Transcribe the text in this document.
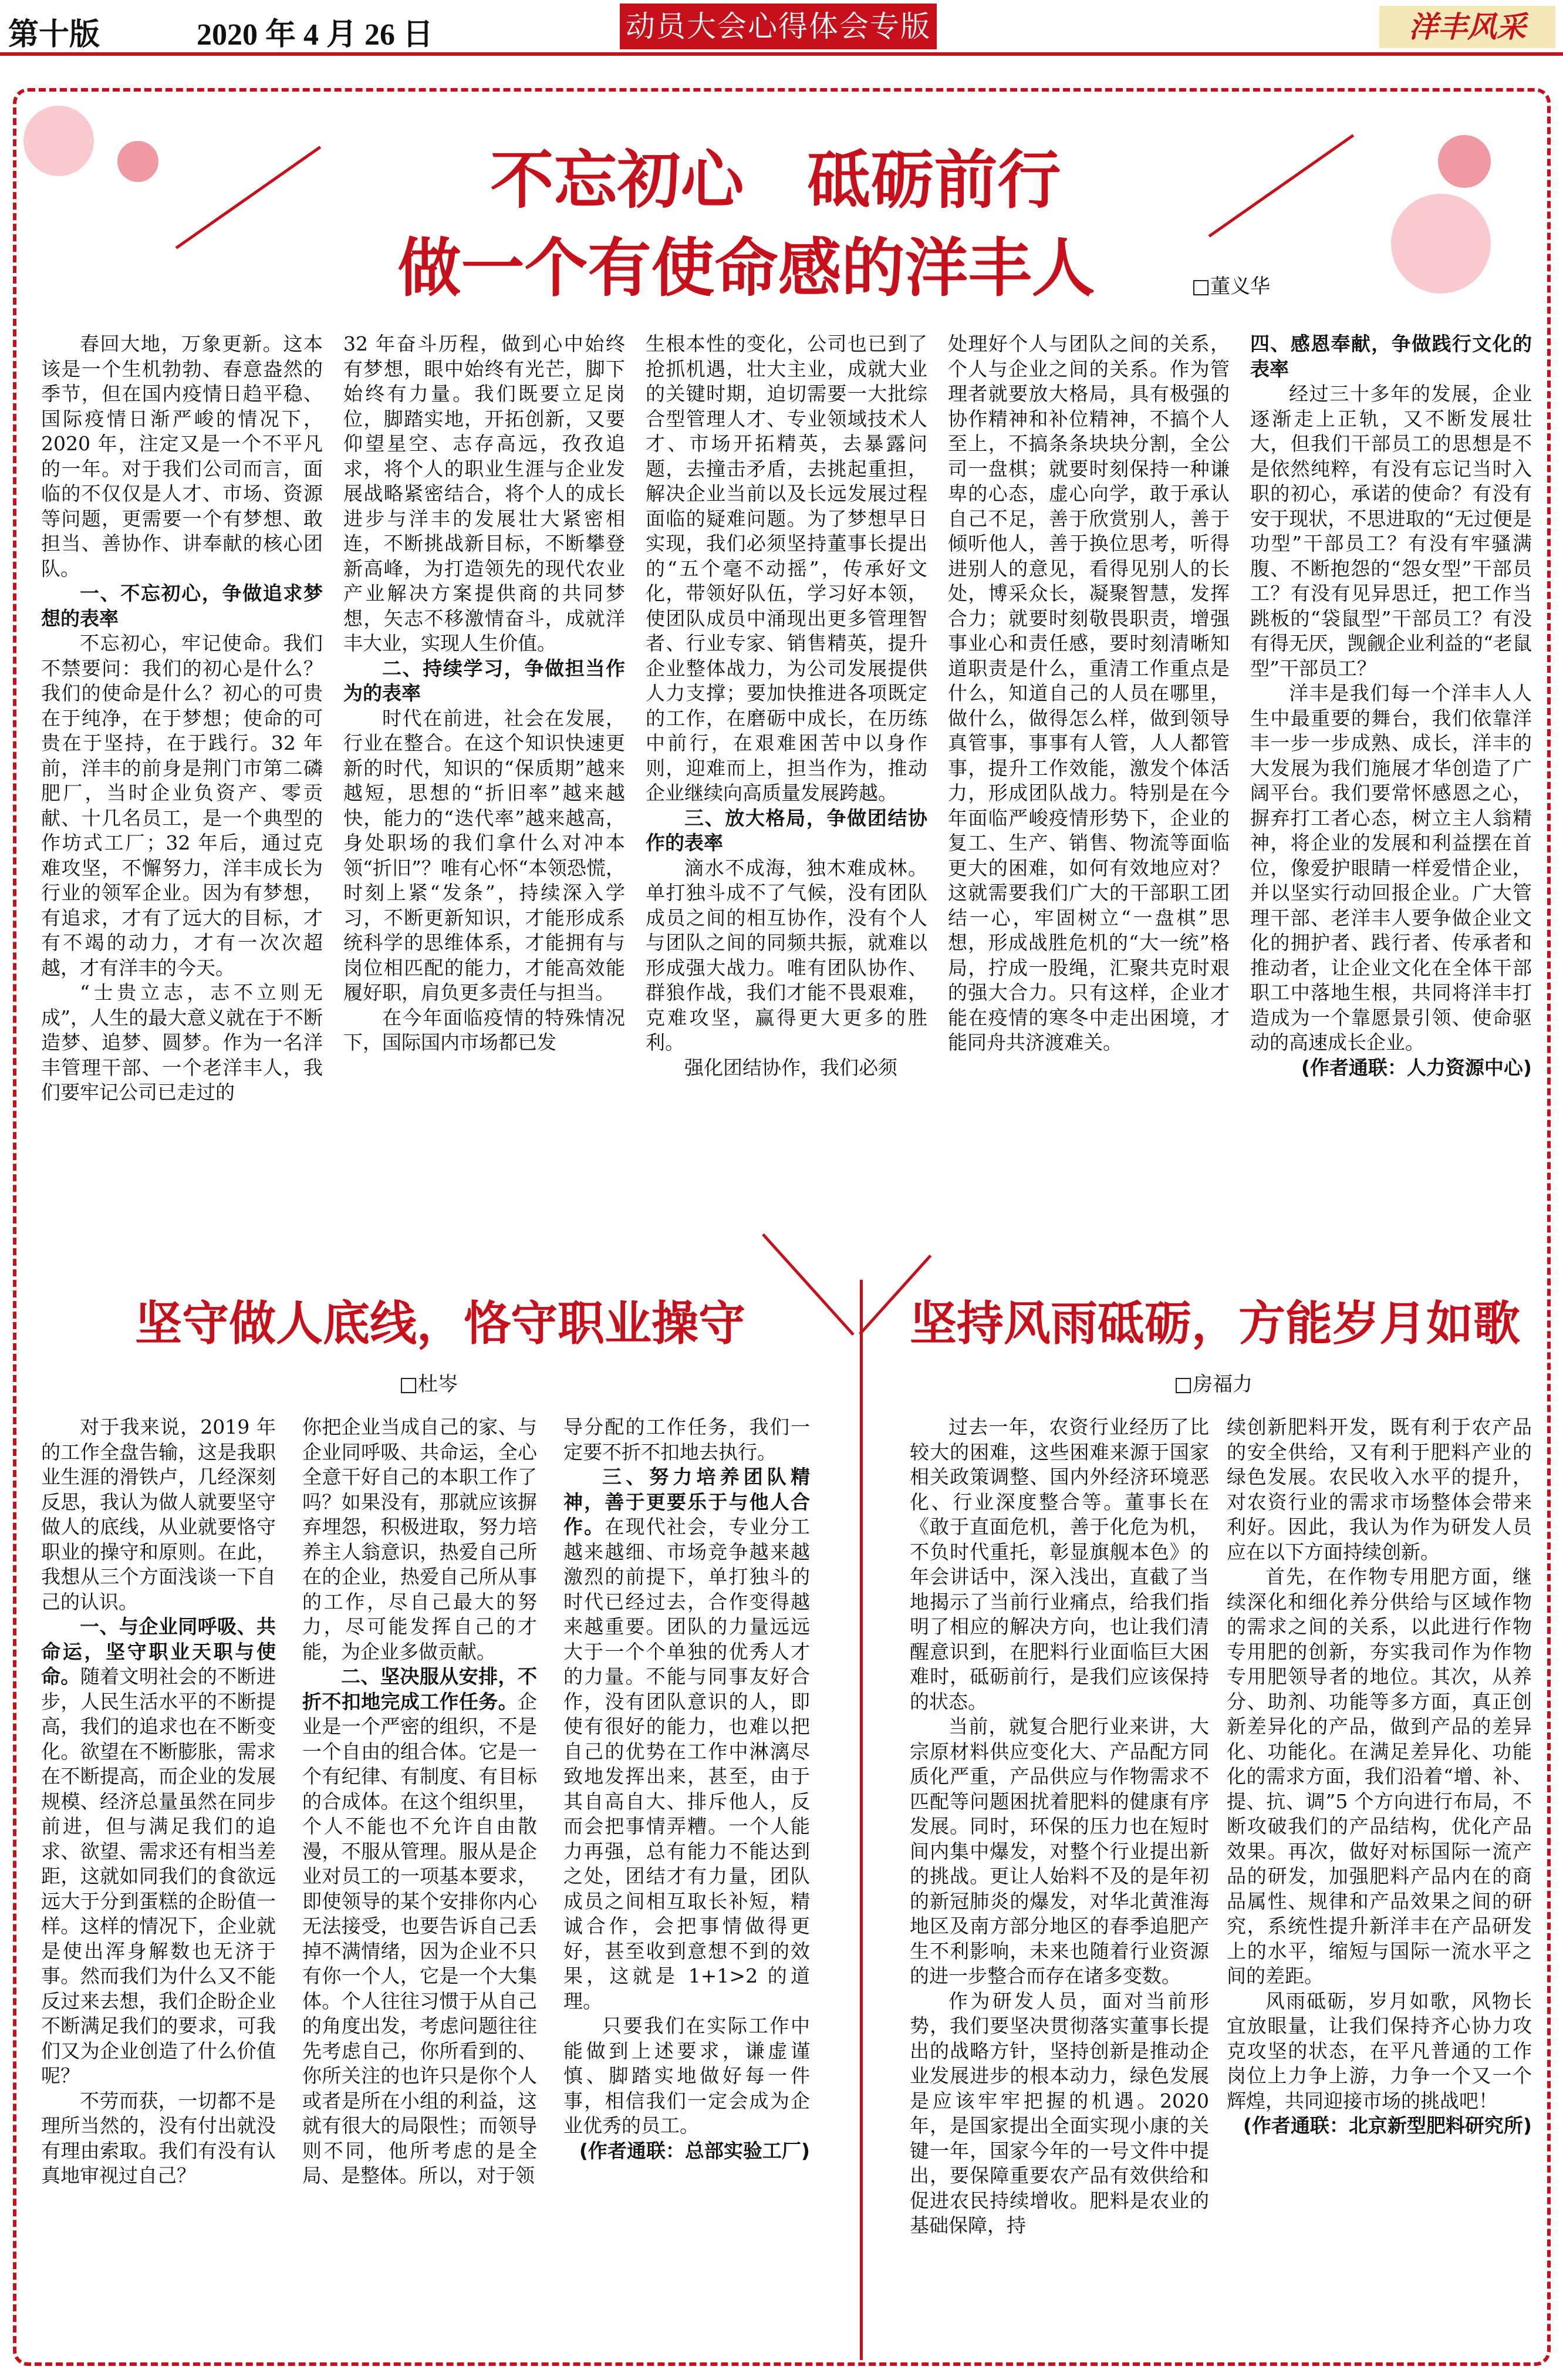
第十版	2020 年 4 月 26 日	动员大会心得体会专版	洋丰风采
不忘初心　砥砺前行
做一个有使命感的洋丰人	□董义华

春回大地，万象更新。这本该是一个生机勃勃、春意盎然的季节，但在国内疫情日趋平稳、国际疫情日渐严峻的情况下，2020 年，注定又是一个不平凡的一年。对于我们公司而言，面临的不仅仅是人才、市场、资源等问题，更需要一个有梦想、敢担当、善协作、讲奉献的核心团队。

一、不忘初心，争做追求梦想的表率

不忘初心，牢记使命。我们不禁要问：我们的初心是什么？我们的使命是什么？初心的可贵在于纯净，在于梦想；使命的可贵在于坚持，在于践行。32 年前，洋丰的前身是荆门市第二磷肥厂，当时企业负资产、零贡献、十几名员工，是一个典型的作坊式工厂；32 年后，通过克难攻坚，不懈努力，洋丰成长为行业的领军企业。因为有梦想，有追求，才有了远大的目标，才有不竭的动力，才有一次次超越，才有洋丰的今天。

“士贵立志，志不立则无成”，人生的最大意义就在于不断造梦、追梦、圆梦。作为一名洋丰管理干部、一个老洋丰人，我们要牢记公司已走过的

32 年奋斗历程，做到心中始终有梦想，眼中始终有光芒，脚下始终有力量。我们既要立足岗位，脚踏实地，开拓创新，又要仰望星空、志存高远，孜孜追求，将个人的职业生涯与企业发展战略紧密结合，将个人的成长进步与洋丰的发展壮大紧密相连，不断挑战新目标，不断攀登新高峰，为打造领先的现代农业产业解决方案提供商的共同梦想，矢志不移激情奋斗，成就洋丰大业，实现人生价值。

二、持续学习，争做担当作为的表率

时代在前进，社会在发展，行业在整合。在这个知识快速更新的时代，知识的“保质期”越来越短，思想的“折旧率”越来越快，能力的“迭代率”越来越高，身处职场的我们拿什么对冲本领“折旧”？唯有心怀“本领恐慌，时刻上紧“发条”，持续深入学习，不断更新知识，才能形成系统科学的思维体系，才能拥有与岗位相匹配的能力，才能高效能履好职，肩负更多责任与担当。

在今年面临疫情的特殊情况下，国际国内市场都已发

生根本性的变化，公司也已到了抢抓机遇，壮大主业，成就大业的关键时期，迫切需要一大批综合型管理人才、专业领域技术人才、市场开拓精英，去暴露问题，去撞击矛盾，去挑起重担，解决企业当前以及长远发展过程面临的疑难问题。为了梦想早日实现，我们必须坚持董事长提出的“五个毫不动摇”，传承好文化，带领好队伍，学习好本领，使团队成员中涌现出更多管理智者、行业专家、销售精英，提升企业整体战力，为公司发展提供人力支撑；要加快推进各项既定的工作，在磨砺中成长，在历练中前行，在艰难困苦中以身作则，迎难而上，担当作为，推动企业继续向高质量发展跨越。

三、放大格局，争做团结协作的表率

滴水不成海，独木难成林。单打独斗成不了气候，没有团队成员之间的相互协作，没有个人与团队之间的同频共振，就难以形成强大战力。唯有团队协作、群狼作战，我们才能不畏艰难，克难攻坚，赢得更大更多的胜利。

强化团结协作，我们必须

处理好个人与团队之间的关系，个人与企业之间的关系。作为管理者就要放大格局，具有极强的协作精神和补位精神，不搞个人至上，不搞条条块块分割，全公司一盘棋；就要时刻保持一种谦卑的心态，虚心向学，敢于承认自己不足，善于欣赏别人，善于倾听他人，善于换位思考，听得进别人的意见，看得见别人的长处，博采众长，凝聚智慧，发挥合力；就要时刻敬畏职责，增强事业心和责任感，要时刻清晰知道职责是什么，重清工作重点是什么，知道自己的人员在哪里，做什么，做得怎么样，做到领导真管事，事事有人管，人人都管事，提升工作效能，激发个体活力，形成团队战力。特别是在今年面临严峻疫情形势下，企业的复工、生产、销售、物流等面临更大的困难，如何有效地应对？这就需要我们广大的干部职工团结一心，牢固树立“一盘棋”思想，形成战胜危机的“大一统”格局，拧成一股绳，汇聚共克时艰的强大合力。只有这样，企业才能在疫情的寒冬中走出困境，才能同舟共济渡难关。

四、感恩奉献，争做践行文化的表率

经过三十多年的发展，企业逐渐走上正轨，又不断发展壮大，但我们干部员工的思想是不是依然纯粹，有没有忘记当时入职的初心，承诺的使命？有没有安于现状，不思进取的“无过便是功型”干部员工？有没有牢骚满腹、不断抱怨的“怨女型”干部员工？有没有见异思迁，把工作当跳板的“袋鼠型”干部员工？有没有得无厌，觊觎企业利益的“老鼠型”干部员工？

洋丰是我们每一个洋丰人人生中最重要的舞台，我们依靠洋丰一步一步成熟、成长，洋丰的大发展为我们施展才华创造了广阔平台。我们要常怀感恩之心，摒弃打工者心态，树立主人翁精神，将企业的发展和利益摆在首位，像爱护眼睛一样爱惜企业，并以坚实行动回报企业。广大管理干部、老洋丰人要争做企业文化的拥护者、践行者、传承者和推动者，让企业文化在全体干部职工中落地生根，共同将洋丰打造成为一个靠愿景引领、使命驱动的高速成长企业。

(作者通联：人力资源中心)
坚守做人底线，恪守职业操守
□杜岑

对于我来说，2019 年的工作全盘告输，这是我职业生涯的滑铁卢，几经深刻反思，我认为做人就要坚守做人的底线，从业就要恪守职业的操守和原则。在此，我想从三个方面浅谈一下自己的认识。

一、与企业同呼吸、共命运，坚守职业天职与使命。随着文明社会的不断进步，人民生活水平的不断提高，我们的追求也在不断变化。欲望在不断膨胀，需求在不断提高，而企业的发展规模、经济总量虽然在同步前进，但与满足我们的追求、欲望、需求还有相当差距，这就如同我们的食欲远远大于分到蛋糕的企盼值一样。这样的情况下，企业就是使出浑身解数也无济于事。然而我们为什么又不能反过来去想，我们企盼企业不断满足我们的要求，可我们又为企业创造了什么价值呢？

不劳而获，一切都不是理所当然的，没有付出就没有理由索取。我们有没有认真地审视过自己？

你把企业当成自己的家、与企业同呼吸、共命运，全心全意干好自己的本职工作了吗？如果没有，那就应该摒弃埋怨，积极进取，努力培养主人翁意识，热爱自己所在的企业，热爱自己所从事的工作，尽自己最大的努力，尽可能发挥自己的才能，为企业多做贡献。

二、坚决服从安排，不折不扣地完成工作任务。企业是一个严密的组织，不是一个自由的组合体。它是一个有纪律、有制度、有目标的合成体。在这个组织里，个人不能也不允许自由散漫，不服从管理。服从是企业对员工的一项基本要求，即使领导的某个安排你内心无法接受，也要告诉自己丢掉不满情绪，因为企业不只有你一个人，它是一个大集体。个人往往习惯于从自己的角度出发，考虑问题往往先考虑自己，你所看到的、你所关注的也许只是你个人或者是所在小组的利益，这就有很大的局限性；而领导则不同，他所考虑的是全局、是整体。所以，对于领

导分配的工作任务，我们一定要不折不扣地去执行。

三、努力培养团队精神，善于更要乐于与他人合作。在现代社会，专业分工越来越细、市场竞争越来越激烈的前提下，单打独斗的时代已经过去，合作变得越来越重要。团队的力量远远大于一个个单独的优秀人才的力量。不能与同事友好合作，没有团队意识的人，即使有很好的能力，也难以把自己的优势在工作中淋漓尽致地发挥出来，甚至，由于其自高自大、排斥他人，反而会把事情弄糟。一个人能力再强，总有能力不能达到之处，团结才有力量，团队成员之间相互取长补短，精诚合作，会把事情做得更好，甚至收到意想不到的效果，这就是 1+1>2 的道理。

只要我们在实际工作中能做到上述要求，谦虚谨慎、脚踏实地做好每一件事，相信我们一定会成为企业优秀的员工。

(作者通联：总部实验工厂)
坚持风雨砥砺，方能岁月如歌
□房福力

过去一年，农资行业经历了比较大的困难，这些困难来源于国家相关政策调整、国内外经济环境恶化、行业深度整合等。董事长在《敢于直面危机，善于化危为机，不负时代重托，彰显旗舰本色》的年会讲话中，深入浅出，直截了当地揭示了当前行业痛点，给我们指明了相应的解决方向，也让我们清醒意识到，在肥料行业面临巨大困难时，砥砺前行，是我们应该保持的状态。

当前，就复合肥行业来讲，大宗原材料供应变化大、产品配方同质化严重，产品供应与作物需求不匹配等问题困扰着肥料的健康有序发展。同时，环保的压力也在短时间内集中爆发，对整个行业提出新的挑战。更让人始料不及的是年初的新冠肺炎的爆发，对华北黄淮海地区及南方部分地区的春季追肥产生不利影响，未来也随着行业资源的进一步整合而存在诸多变数。

作为研发人员，面对当前形势，我们要坚决贯彻落实董事长提出的战略方针，坚持创新是推动企业发展进步的根本动力，绿色发展是应该牢牢把握的机遇。2020 年，是国家提出全面实现小康的关键一年，国家今年的一号文件中提出，要保障重要农产品有效供给和促进农民持续增收。肥料是农业的基础保障，持

续创新肥料开发，既有利于农产品的安全供给，又有利于肥料产业的绿色发展。农民收入水平的提升，对农资行业的需求市场整体会带来利好。因此，我认为作为研发人员应在以下方面持续创新。

首先，在作物专用肥方面，继续深化和细化养分供给与区域作物的需求之间的关系，以此进行作物专用肥的创新，夯实我司作为作物专用肥领导者的地位。其次，从养分、助剂、功能等多方面，真正创新差异化的产品，做到产品的差异化、功能化。在满足差异化、功能化的需求方面，我们沿着“增、补、提、抗、调”5 个方向进行布局，不断攻破我们的产品结构，优化产品效果。再次，做好对标国际一流产品的研发，加强肥料产品内在的商品属性、规律和产品效果之间的研究，系统性提升新洋丰在产品研发上的水平，缩短与国际一流水平之间的差距。

风雨砥砺，岁月如歌，风物长宜放眼量，让我们保持齐心协力攻克攻坚的状态，在平凡普通的工作岗位上力争上游，力争一个又一个辉煌，共同迎接市场的挑战吧！

(作者通联：北京新型肥料研究所)
